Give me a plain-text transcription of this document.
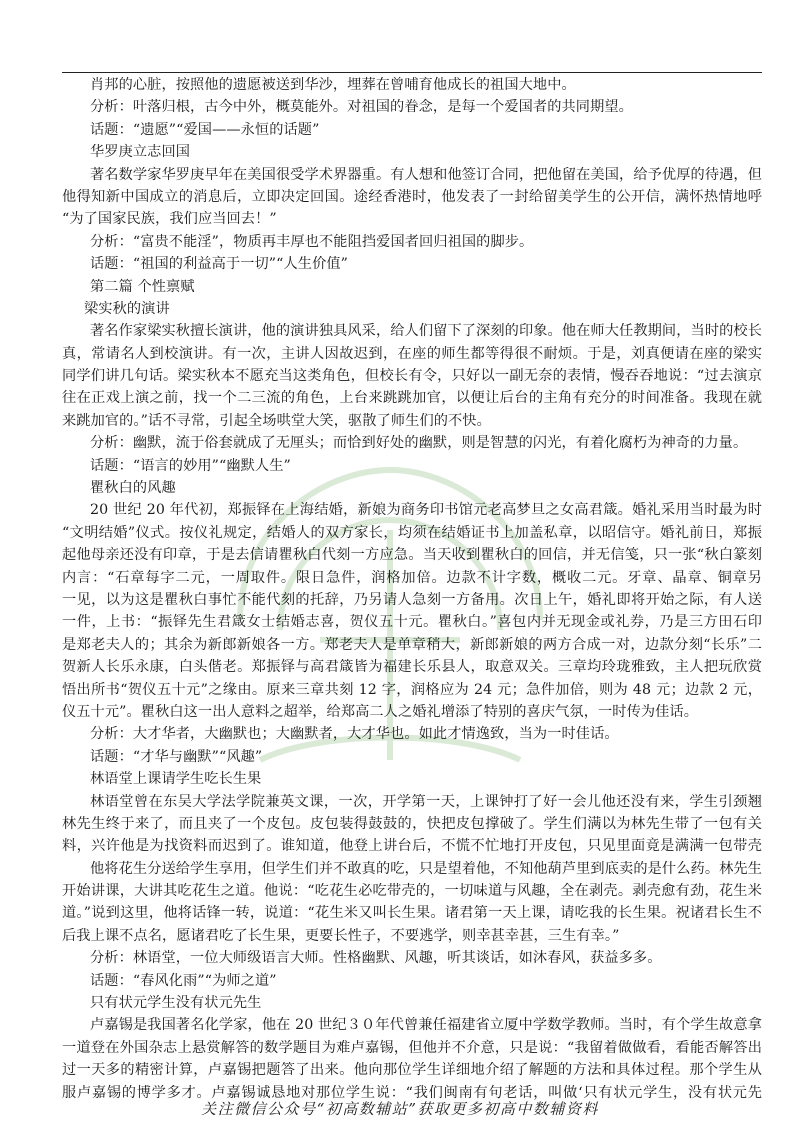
肖邦的心脏，按照他的遗愿被送到华沙，埋葬在曾哺育他成长的祖国大地中。
分析：叶落归根，古今中外，概莫能外。对祖国的眷念，是每一个爱国者的共同期望。
话题：“遗愿”“爱国——永恒的话题”
华罗庚立志回国
著名数学家华罗庚早年在美国很受学术界器重。有人想和他签订合同，把他留在美国，给予优厚的待遇，但
他得知新中国成立的消息后，立即决定回国。途经香港时，他发表了一封给留美学生的公开信，满怀热情地呼
“为了国家民族，我们应当回去！”
分析：“富贵不能淫”，物质再丰厚也不能阻挡爱国者回归祖国的脚步。
话题：“祖国的利益高于一切”“人生价值”
第二篇 个性禀赋
梁实秋的演讲
著名作家梁实秋擅长演讲，他的演讲独具风采，给人们留下了深刻的印象。他在师大任教期间，当时的校长
真，常请名人到校演讲。有一次，主讲人因故迟到，在座的师生都等得很不耐烦。于是，刘真便请在座的梁实
同学们讲几句话。梁实秋本不愿充当这类角色，但校长有令，只好以一副无奈的表情，慢吞吞地说：“过去演京
往在正戏上演之前，找一个二三流的角色，上台来跳跳加官，以便让后台的主角有充分的时间准备。我现在就
来跳加官的。”话不寻常，引起全场哄堂大笑，驱散了师生们的不快。
分析：幽默，流于俗套就成了无厘头；而恰到好处的幽默，则是智慧的闪光，有着化腐朽为神奇的力量。
话题：“语言的妙用”“幽默人生”
瞿秋白的风趣
20 世纪 20 年代初，郑振铎在上海结婚，新娘为商务印书馆元老高梦旦之女高君箴。婚礼采用当时最为时
“文明结婚”仪式。按仪礼规定，结婚人的双方家长，均须在结婚证书上加盖私章，以昭信守。婚礼前日，郑振
起他母亲还没有印章，于是去信请瞿秋白代刻一方应急。当天收到瞿秋白的回信，并无信笺，只一张“秋白篆刻
内言：“石章每字二元，一周取件。限日急件，润格加倍。边款不计字数，概收二元。牙章、晶章、铜章另
一见，以为这是瞿秋白事忙不能代刻的托辞，乃另请人急刻一方备用。次日上午，婚礼即将开始之际，有人送
一件，上书：“振铎先生君箴女士结婚志喜，贺仪五十元。瞿秋白。”喜包内并无现金或礼券，乃是三方田石印
是郑老夫人的；其余为新郎新娘各一方。郑老夫人是单章稍大，新郎新娘的两方合成一对，边款分刻“长乐”二
贺新人长乐永康，白头偕老。郑振铎与高君箴皆为福建长乐县人，取意双关。三章均玲珑雅致，主人把玩欣赏
悟出所书“贺仪五十元”之缘由。原来三章共刻 12 字，润格应为 24 元；急件加倍，则为 48 元；边款 2 元，
仪五十元”。瞿秋白这一出人意料之超举，给郑高二人之婚礼增添了特别的喜庆气氛，一时传为佳话。
分析：大才华者，大幽默也；大幽默者，大才华也。如此才情逸致，当为一时佳话。
话题：“才华与幽默”“风趣”
林语堂上课请学生吃长生果
林语堂曾在东吴大学法学院兼英文课，一次，开学第一天，上课钟打了好一会儿他还没有来，学生引颈翘
林先生终于来了，而且夹了一个皮包。皮包装得鼓鼓的，快把皮包撑破了。学生们满以为林先生带了一包有关
料，兴许他是为找资料而迟到了。谁知道，他登上讲台后，不慌不忙地打开皮包，只见里面竟是满满一包带壳
他将花生分送给学生享用，但学生们并不敢真的吃，只是望着他，不知他葫芦里到底卖的是什么药。林先生
开始讲课，大讲其吃花生之道。他说：“吃花生必吃带壳的，一切味道与风趣，全在剥壳。剥壳愈有劲，花生米
道。”说到这里，他将话锋一转，说道：“花生米又叫长生果。诸君第一天上课，请吃我的长生果。祝诸君长生不
后我上课不点名，愿诸君吃了长生果，更要长性子，不要逃学，则幸甚幸甚，三生有幸。”
分析：林语堂，一位大师级语言大师。性格幽默、风趣，听其谈话，如沐春风，获益多多。
话题：“春风化雨”“为师之道”
只有状元学生没有状元先生
卢嘉锡是我国著名化学家，他在 20 世纪３０年代曾兼任福建省立厦中学数学教师。当时，有个学生故意拿
一道登在外国杂志上悬赏解答的数学题目为难卢嘉锡，但他并不介意，只是说：“我留着做做看，看能否解答出
过一天多的精密计算，卢嘉锡把题答了出来。他向那位学生详细地介绍了解题的方法和具体过程。那个学生从
服卢嘉锡的博学多才。卢嘉锡诚恳地对那位学生说：“我们闽南有句老话，叫做‘只有状元学生，没有状元先
关注微信公众号“初高数辅站”获取更多初高中数辅资料
